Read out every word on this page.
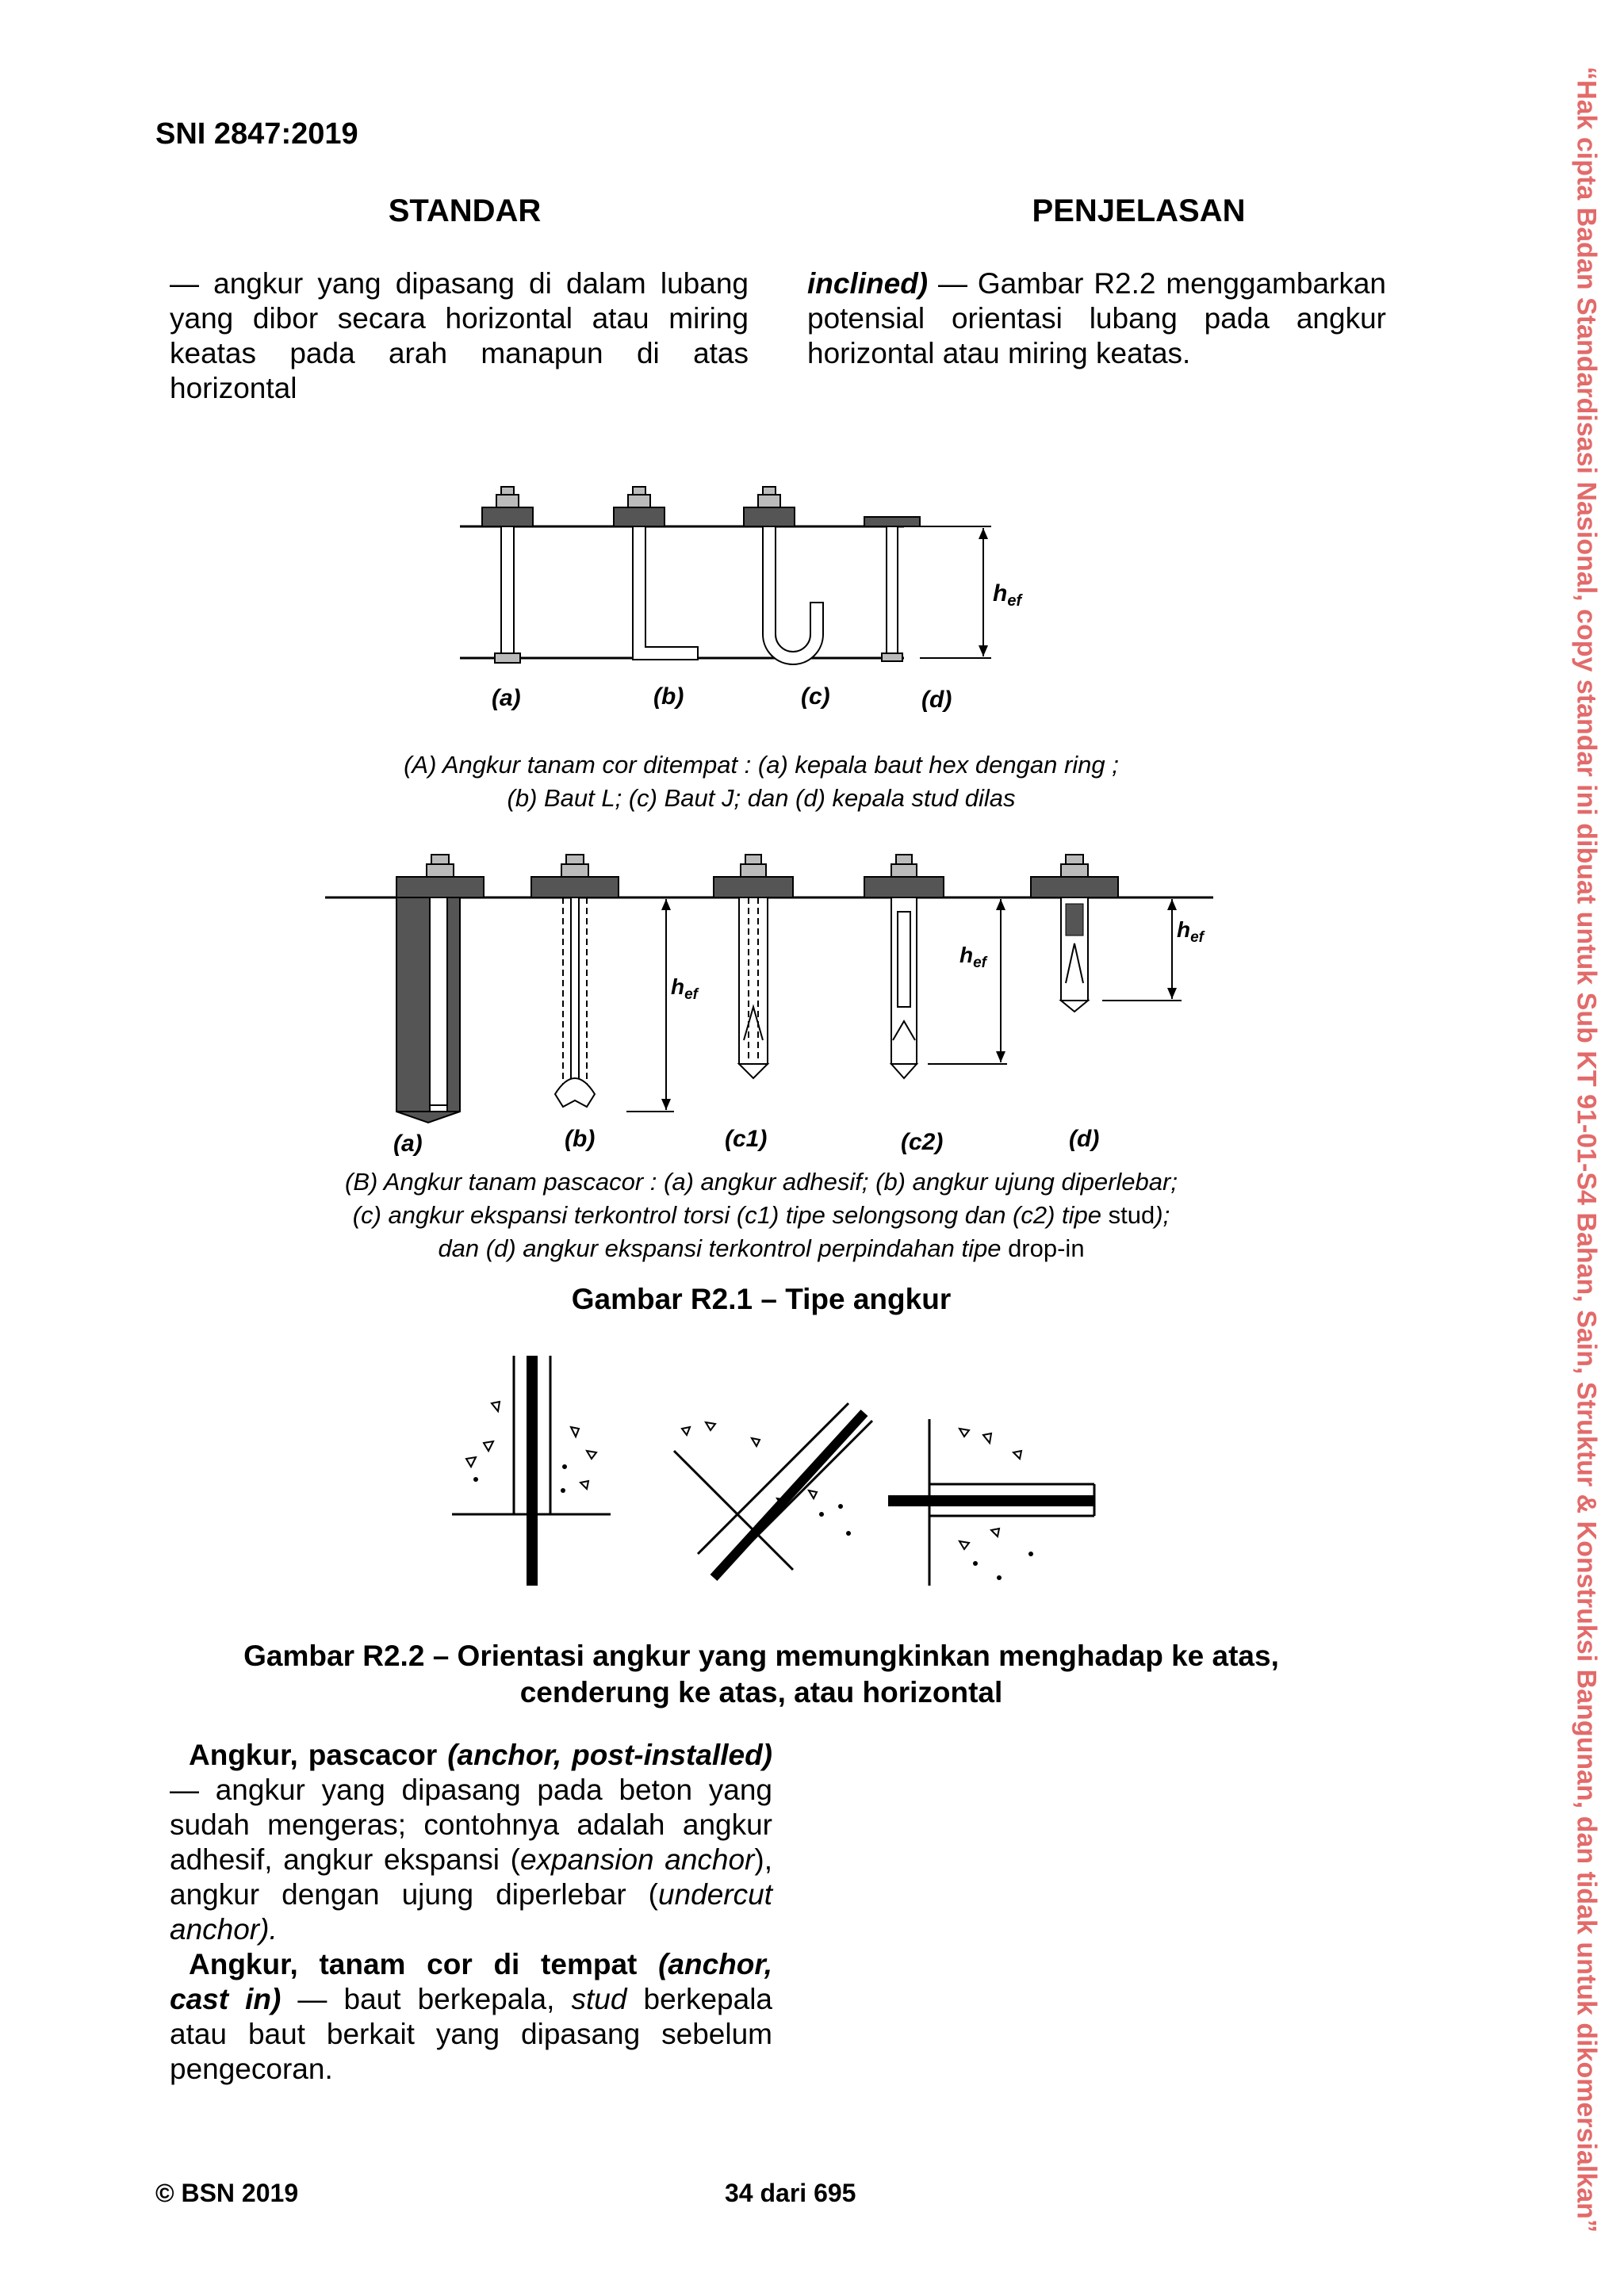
SNI 2847:2019
STANDAR	PENJELASAN
— angkur yang dipasang di dalam lubang yang dibor secara horizontal atau miring keatas pada arah manapun di atas horizontal
inclined) — Gambar R2.2 menggambarkan potensial orientasi lubang pada angkur horizontal atau miring keatas.
$h_{ef}$
(a)	(b)	(c)	(d)
(A) Angkur tanam cor ditempat : (a) kepala baut hex dengan ring ;
(b) Baut L; (c) Baut J; dan (d) kepala stud dilas
$h_{ef}$
$h_{ef}$
$h_{ef}$
(a)	(b)	(c1)	(c2)	(d)
(B) Angkur tanam pascacor : (a) angkur adhesif; (b) angkur ujung diperlebar;
(c) angkur ekspansi terkontrol torsi (c1) tipe selongsong dan (c2) tipe stud);
dan (d) angkur ekspansi terkontrol perpindahan tipe drop-in
Gambar R2.1 – Tipe angkur
Gambar R2.2 – Orientasi angkur yang memungkinkan menghadap ke atas,
cenderung ke atas, atau horizontal
Angkur, pascacor (anchor, post-installed) — angkur yang dipasang pada beton yang sudah mengeras; contohnya adalah angkur adhesif, angkur ekspansi (expansion anchor), angkur dengan ujung diperlebar (undercut anchor).
Angkur, tanam cor di tempat (anchor, cast in) — baut berkepala, stud berkepala atau baut berkait yang dipasang sebelum pengecoran.
© BSN 2019	34 dari 695	“Hak cipta Badan Standardisasi Nasional, copy standar ini dibuat untuk Sub KT 91-01-S4 Bahan, Sain, Struktur & Konstruksi Bangunan, dan tidak untuk dikomersialkan”
